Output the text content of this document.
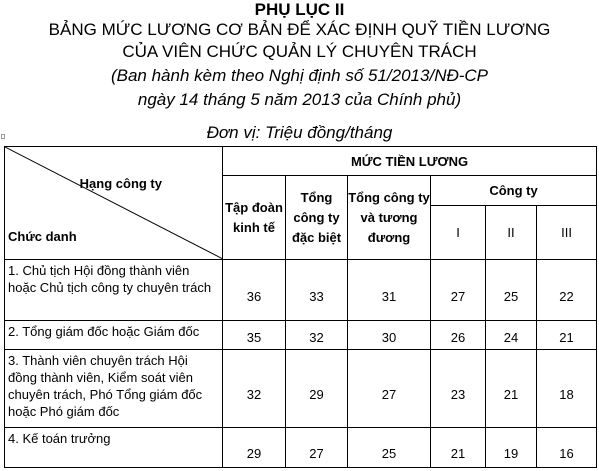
PHỤ LỤC II
BẢNG MỨC LƯƠNG CƠ BẢN ĐỂ XÁC ĐỊNH QUỸ TIỀN LƯƠNG
CỦA VIÊN CHỨC QUẢN LÝ CHUYÊN TRÁCH
(Ban hành kèm theo Nghị định số 51/2013/NĐ-CP
ngày 14 tháng 5 năm 2013 của Chính phủ)
Đơn vị: Triệu đồng/tháng
Hạng công ty
Chức danh	MỨC TIỀN LƯƠNG					
	Tập đoàn kinh tế	Tổng công ty đặc biệt	Tổng công ty và tương đương	Công ty		
				I	II	III
1. Chủ tịch Hội đồng thành viên hoặc Chủ tịch công ty chuyên trách	36	33	31	27	25	22
2. Tổng giám đốc hoặc Giám đốc	35	32	30	26	24	21
3. Thành viên chuyên trách Hội đồng thành viên, Kiểm soát viên chuyên trách, Phó Tổng giám đốc hoặc Phó giám đốc	32	29	27	23	21	18
4. Kế toán trưởng	29	27	25	21	19	16
